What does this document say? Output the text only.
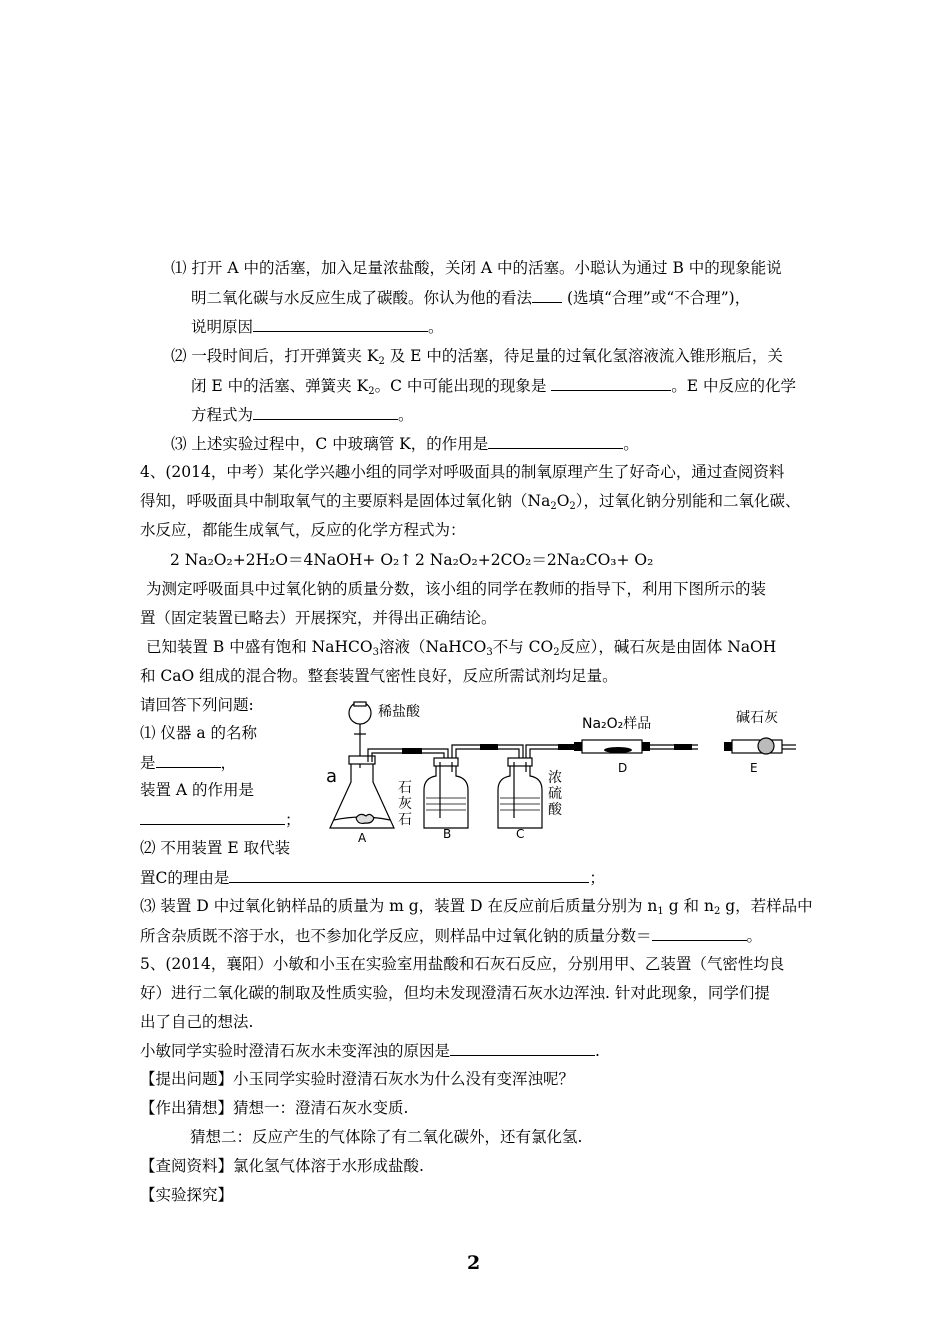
⑴ 打开 A 中的活塞，加入足量浓盐酸，关闭 A 中的活塞。小聪认为通过 B 中的现象能说
明二氧化碳与水反应生成了碳酸。你认为他的看法 (选填“合理”或“不合理”)，
说明原因	。
⑵ 一段时间后，打开弹簧夹 $K_2$ 及 E 中的活塞，待足量的过氧化氢溶液流入锥形瓶后，关
闭 E 中的活塞、弹簧夹 $K_2$。C 中可能出现的现象是	。E 中反应的化学
方程式为	。
⑶ 上述实验过程中，C 中玻璃管 K，的作用是	。
4、(2014，中考）某化学兴趣小组的同学对呼吸面具的制氧原理产生了好奇心，通过查阅资料
得知，呼吸面具中制取氧气的主要原料是固体过氧化钠$(Na_2O_2)$，过氧化钠分别能和二氧化碳、
水反应，都能生成氧气，反应的化学方程式为：
2 Na₂O₂+2H₂O＝4NaOH+ O₂↑ 2 Na₂O₂+2CO₂＝2Na₂CO₃+ O₂
为测定呼吸面具中过氧化钠的质量分数，该小组的同学在教师的指导下，利用下图所示的装
置（固定装置已略去）开展探究，并得出正确结论。
已知装置 B 中盛有饱和 NaHCO$_3$溶液（NaHCO$_3$不与 $CO_2$反应），碱石灰是由固体 NaOH
和 CaO 组成的混合物。整套装置气密性良好，反应所需试剂均足量。
请回答下列问题:
⑴ 仪器 a 的名称
是	，
装置 A 的作用是
；
⑵ 不用装置 E 取代装
置C的理由是	；
⑶ 装置 D 中过氧化钠样品的质量为 m g，装置 D 在反应前后质量分别为 $n_1$ g 和 $n_2$ g，若样品中
所含杂质既不溶于水，也不参加化学反应，则样品中过氧化钠的质量分数＝	。
5、(2014，襄阳）小敏和小玉在实验室用盐酸和石灰石反应，分别用甲、乙装置（气密性均良
好）进行二氧化碳的制取及性质实验，但均未发现澄清石灰水边浑浊. 针对此现象，同学们提
出了自己的想法.
小敏同学实验时澄清石灰水未变浑浊的原因是	.
【提出问题】小玉同学实验时澄清石灰水为什么没有变浑浊呢？
【作出猜想】猜想一：澄清石灰水变质.
猜想二：反应产生的气体除了有二氧化碳外，还有氯化氢.
【查阅资料】氯化氢气体溶于水形成盐酸.
【实验探究】
稀盐酸
Na₂O₂样品	碱石灰
a
石
灰
石
浓
硫
酸
A	B	C
D	E
2
